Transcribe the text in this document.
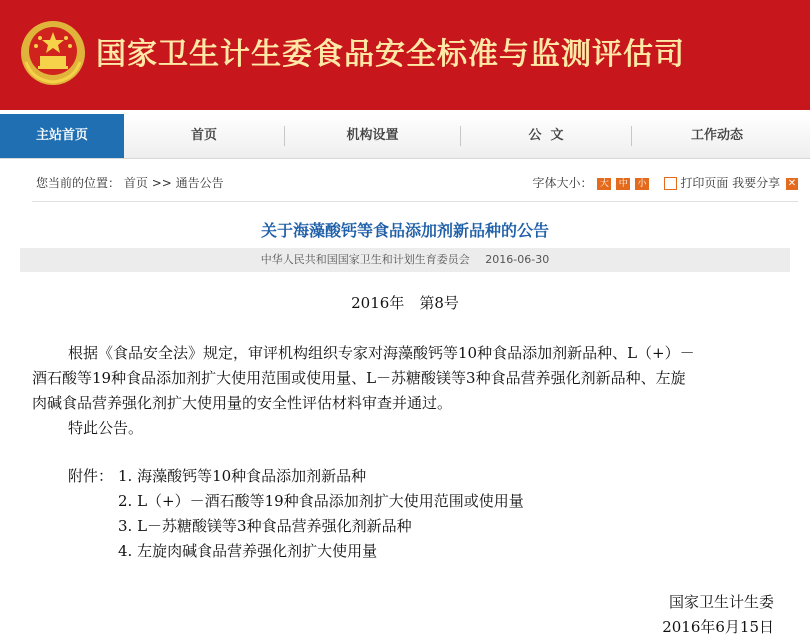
国家卫生计生委食品安全标准与监测评估司
主站首页	首页	机构设置	公  文	工作动态
您当前的位置： 首页 >> 通告公告	字体大小： 大 中 小	打印页面 我要分享 ✕
关于海藻酸钙等食品添加剂新品种的公告
中华人民共和国国家卫生和计划生育委员会 2016-06-30
2016年　第8号
根据《食品安全法》规定，审评机构组织专家对海藻酸钙等10种食品添加剂新品种、L（+）－
酒石酸等19种食品添加剂扩大使用范围或使用量、L－苏糖酸镁等3种食品营养强化剂新品种、左旋
肉碱食品营养强化剂扩大使用量的安全性评估材料审查并通过。
特此公告。
附件： 1. 海藻酸钙等10种食品添加剂新品种
2. L（+）－酒石酸等19种食品添加剂扩大使用范围或使用量
3. L－苏糖酸镁等3种食品营养强化剂新品种
4. 左旋肉碱食品营养强化剂扩大使用量
国家卫生计生委
2016年6月15日
